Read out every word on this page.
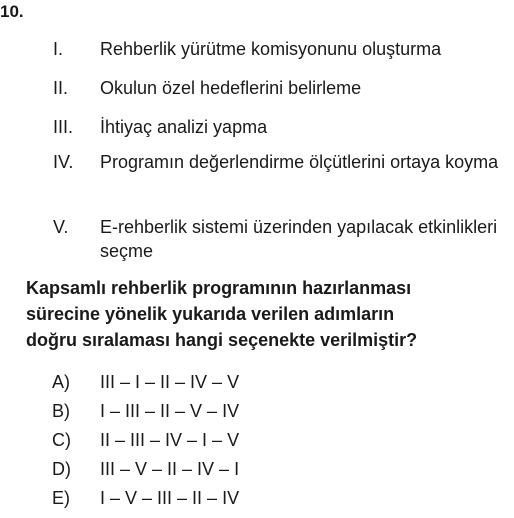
10.
I. Rehberlik yürütme komisyonunu oluşturma
II. Okulun özel hedeflerini belirleme
III. İhtiyaç analizi yapma
IV. Programın değerlendirme ölçütlerini ortaya koyma
V. E-rehberlik sistemi üzerinden yapılacak etkinlikleri seçme
Kapsamlı rehberlik programının hazırlanması
sürecine yönelik yukarıda verilen adımların
doğru sıralaması hangi seçenekte verilmiştir?
A) III – I – II – IV – V
B) I – III – II – V – IV
C) II – III – IV – I – V
D) III – V – II – IV – I
E) I – V – III – II – IV
